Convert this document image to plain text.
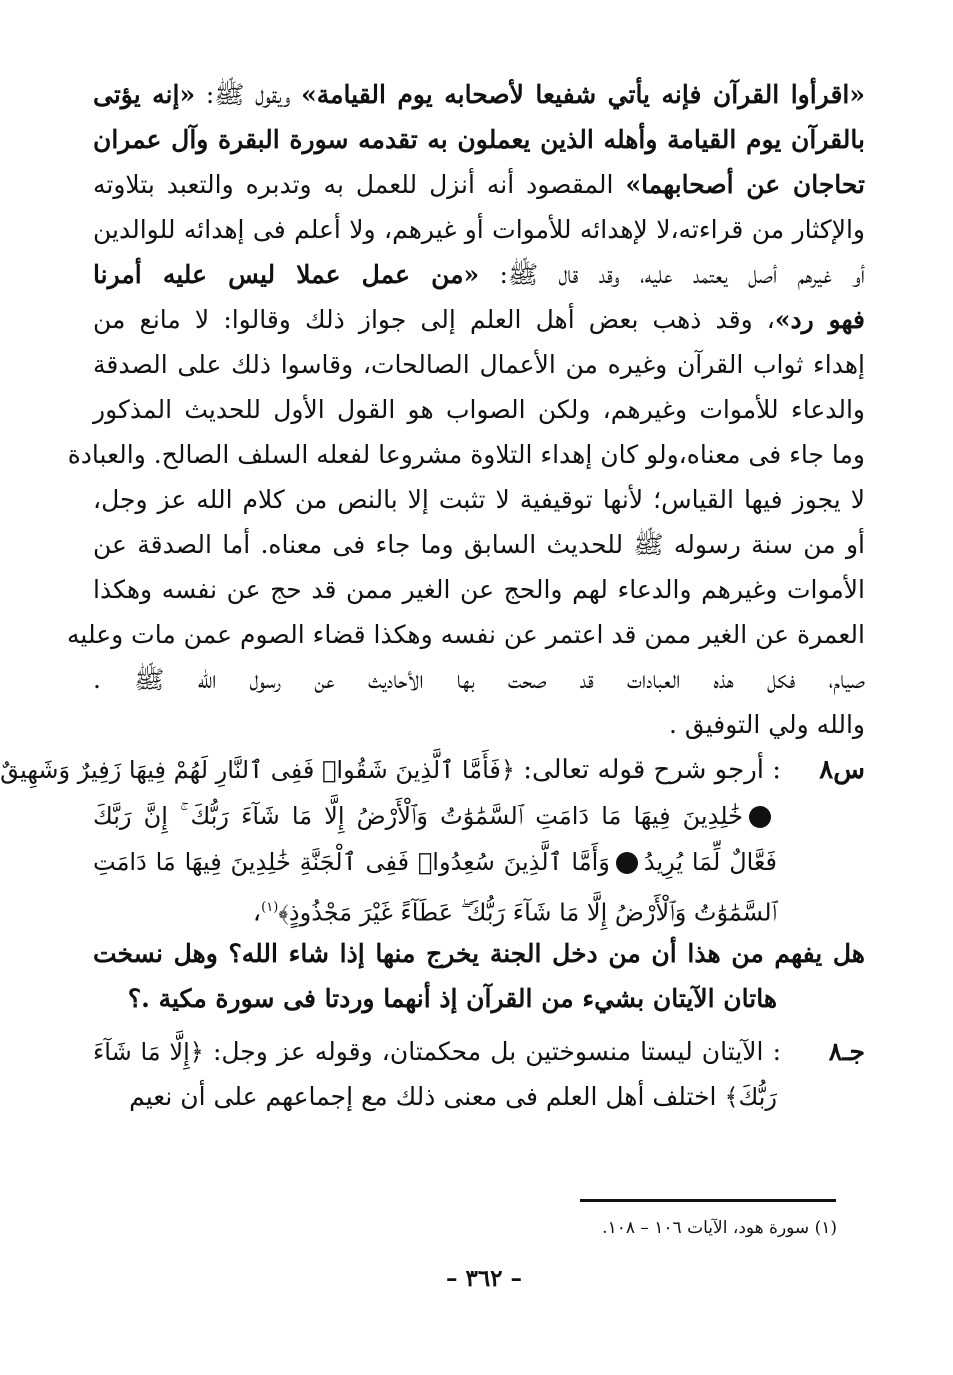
«اقرأوا القرآن فإنه يأتي شفيعا لأصحابه يوم القيامة» ويقول ﷺ: «إنه يؤتى
بالقرآن يوم القيامة وأهله الذين يعملون به تقدمه سورة البقرة وآل عمران
تحاجان عن أصحابهما» المقصود أنه أنزل للعمل به وتدبره والتعبد بتلاوته
والإكثار من قراءته،لا لإهدائه للأموات أو غيرهم، ولا أعلم فى إهدائه للوالدين
أو غيرهم أصل يعتمد عليه، وقد قال ﷺ: «من عمل عملا ليس عليه أمرنا
فهو رد»، وقد ذهب بعض أهل العلم إلى جواز ذلك وقالوا: لا مانع من
إهداء ثواب القرآن وغيره من الأعمال الصالحات، وقاسوا ذلك على الصدقة
والدعاء للأموات وغيرهم، ولكن الصواب هو القول الأول للحديث المذكور
وما جاء فى معناه،ولو كان إهداء التلاوة مشروعا لفعله السلف الصالح. والعبادة
لا يجوز فيها القياس؛ لأنها توقيفية لا تثبت إلا بالنص من كلام الله عز وجل،
أو من سنة رسوله ﷺ للحديث السابق وما جاء فى معناه. أما الصدقة عن
الأموات وغيرهم والدعاء لهم والحج عن الغير ممن قد حج عن نفسه وهكذا
العمرة عن الغير ممن قد اعتمر عن نفسه وهكذا قضاء الصوم عمن مات وعليه
صيام، فكل هذه العبادات قد صحت بها الأحاديث عن رسول الله ﷺ .
والله ولي التوفيق .
س٨: أرجو شرح قوله تعالى: ﴿فَأَمَّا ٱلَّذِينَ شَقُوا۟ فَفِى ٱلنَّارِ لَهُمْ فِيهَا زَفِيرٌ وَشَهِيقٌ
خَٰلِدِينَ فِيهَا مَا دَامَتِ ٱلسَّمَٰوَٰتُ وَٱلْأَرْضُ إِلَّا مَا شَآءَ رَبُّكَ ۚ إِنَّ رَبَّكَ
فَعَّالٌ لِّمَا يُرِيدُوَأَمَّا ٱلَّذِينَ سُعِدُوا۟ فَفِى ٱلْجَنَّةِ خَٰلِدِينَ فِيهَا مَا دَامَتِ
ٱلسَّمَٰوَٰتُ وَٱلْأَرْضُ إِلَّا مَا شَآءَ رَبُّكَ ۖ عَطَآءً غَيْرَ مَجْذُوذٍ﴾$^{(١)}$،
هل يفهم من هذا أن من دخل الجنة يخرج منها إذا شاء الله؟ وهل نسخت
هاتان الآيتان بشيء من القرآن إذ أنهما وردتا فى سورة مكية .؟
جـ٨: الآيتان ليستا منسوختين بل محكمتان، وقوله عز وجل: ﴿إِلَّا مَا شَآءَ
رَبُّكَ﴾ اختلف أهل العلم فى معنى ذلك مع إجماعهم على أن نعيم
(١) سورة هود، الآيات ١٠٦ – ١٠٨.
– ٣٦٢ –
